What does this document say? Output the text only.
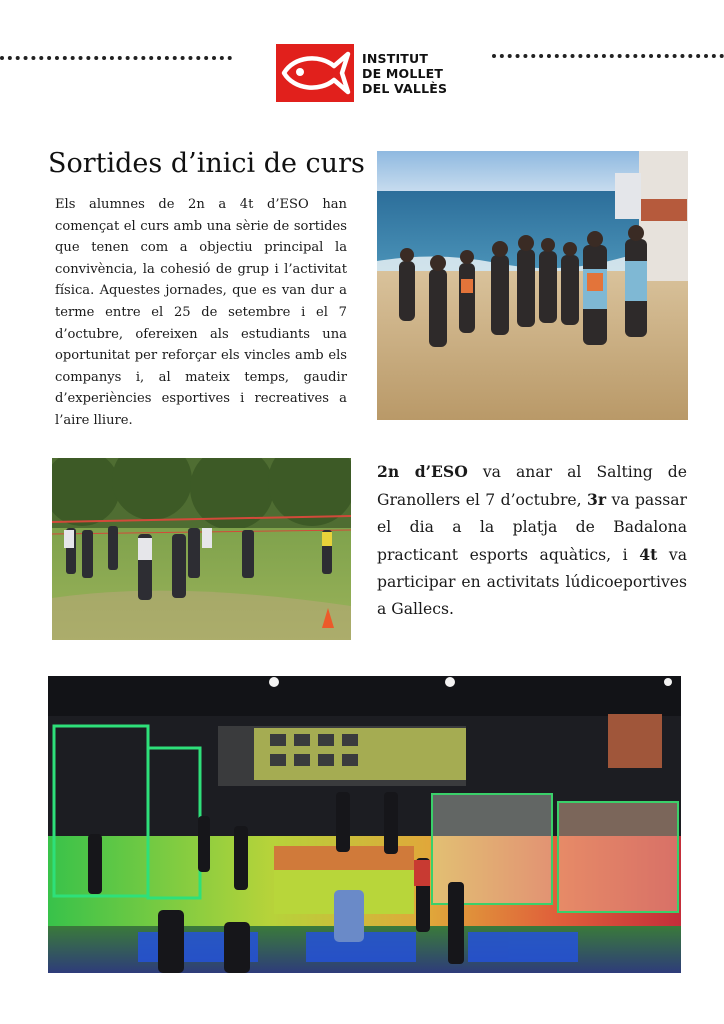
INSTITUT
DE MOLLET
DEL VALLÈS
Sortides d’inici de curs

Els alumnes de 2n a 4t d’ESO han començat el curs amb una sèrie de sortides que tenen com a objectiu principal la convivència, la cohesió de grup i l’activitat física. Aquestes jornades, que es van dur a terme entre el 25 de setembre i el 7 d’octubre, ofereixen als estudiants una oportunitat per reforçar els vincles amb els companys i, al mateix temps, gaudir d’experiències esportives i recreatives a l’aire lliure.

2n d’ESO va anar al Salting de Granollers el 7 d’octubre, 3r va passar el dia a la platja de Badalona practicant esports aquàtics, i 4t va participar en activitats lúdicoeportives a Gallecs.
